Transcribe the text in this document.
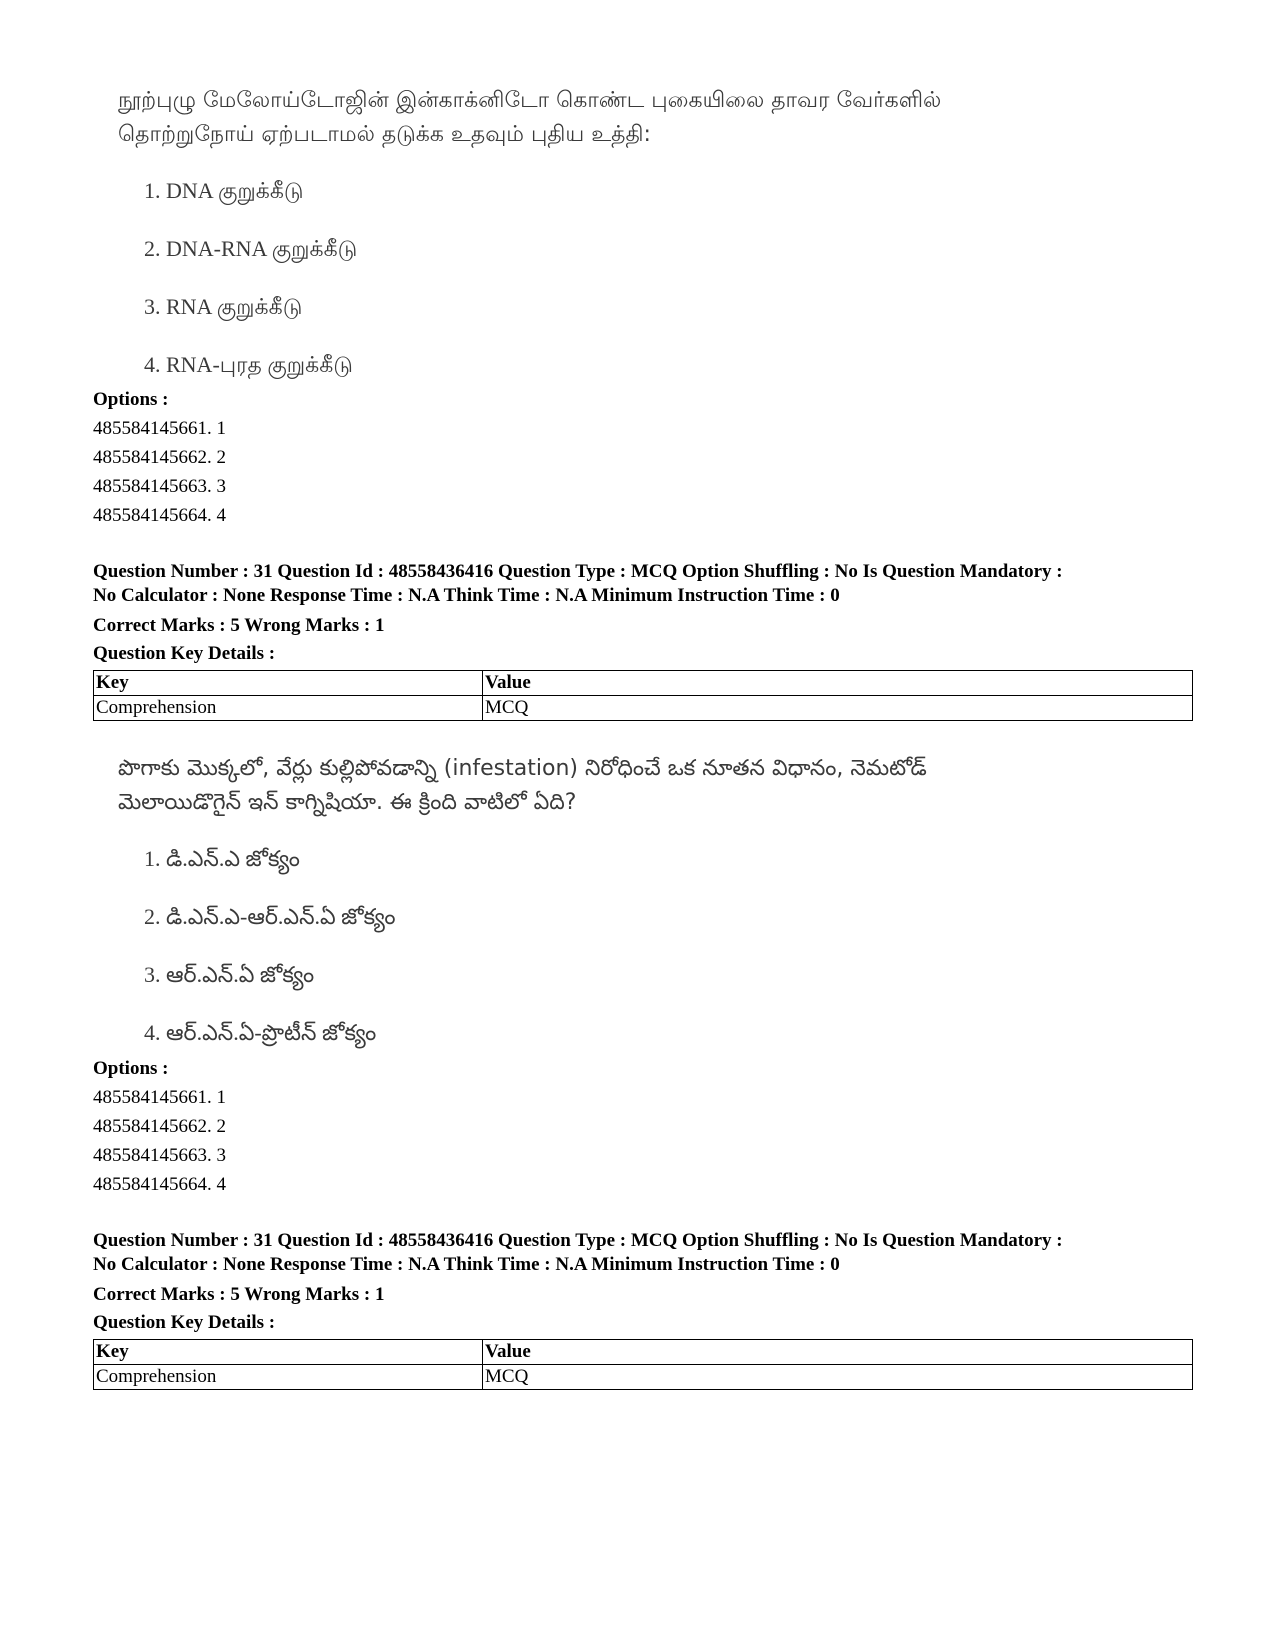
நூற்புழு மேலோய்டோஜின் இன்காக்னிடோ கொண்ட புகையிலை தாவர வேர்களில்
தொற்றுநோய் ஏற்படாமல் தடுக்க உதவும் புதிய உத்தி:
1. DNA குறுக்கீடு
2. DNA-RNA குறுக்கீடு
3. RNA குறுக்கீடு
4. RNA-புரத குறுக்கீடு
Options :
485584145661. 1
485584145662. 2
485584145663. 3
485584145664. 4

Question Number : 31 Question Id : 48558436416 Question Type : MCQ Option Shuffling : No Is Question Mandatory :

No Calculator : None Response Time : N.A Think Time : N.A Minimum Instruction Time : 0

Correct Marks : 5 Wrong Marks : 1
Question Key Details :
Key	Value
Comprehension	MCQ
పొగాకు మొక్కలో, వేర్లు కుల్లిపోవడాన్ని (infestation) నిరోధించే ఒక నూతన విధానం, నెమటోడ్
మెలాయిడొగైన్ ఇన్ కాగ్నిషియా. ఈ క్రింది వాటిలో ఏది?
1. డి.ఎన్.ఎ జోక్యం
2. డి.ఎన్.ఎ-ఆర్.ఎన్.ఏ జోక్యం
3. ఆర్.ఎన్.ఏ జోక్యం
4. ఆర్.ఎన్.ఏ-ప్రొటీన్ జోక్యం
Options :
485584145661. 1
485584145662. 2
485584145663. 3
485584145664. 4

Question Number : 31 Question Id : 48558436416 Question Type : MCQ Option Shuffling : No Is Question Mandatory :

No Calculator : None Response Time : N.A Think Time : N.A Minimum Instruction Time : 0

Correct Marks : 5 Wrong Marks : 1
Question Key Details :
Key	Value
Comprehension	MCQ
